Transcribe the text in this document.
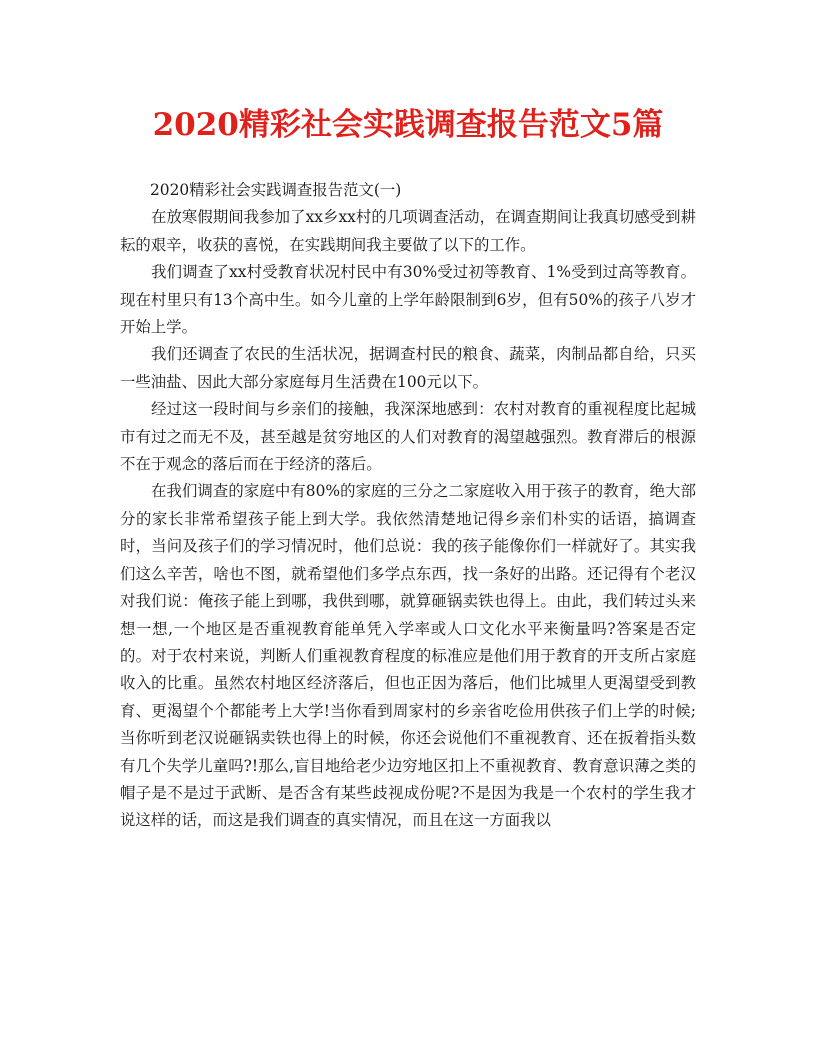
2020精彩社会实践调查报告范文5篇
2020精彩社会实践调查报告范文(一)

在放寒假期间我参加了xx乡xx村的几项调查活动，在调查期间让我真切感受到耕耘的艰辛，收获的喜悦，在实践期间我主要做了以下的工作。

我们调查了xx村受教育状况村民中有30%受过初等教育、1%受到过高等教育。现在村里只有13个高中生。如今儿童的上学年龄限制到6岁，但有50%的孩子八岁才开始上学。

我们还调查了农民的生活状况，据调查村民的粮食、蔬菜，肉制品都自给，只买一些油盐、因此大部分家庭每月生活费在100元以下。

经过这一段时间与乡亲们的接触，我深深地感到：农村对教育的重视程度比起城市有过之而无不及，甚至越是贫穷地区的人们对教育的渴望越强烈。教育滞后的根源不在于观念的落后而在于经济的落后。

在我们调查的家庭中有80%的家庭的三分之二家庭收入用于孩子的教育，绝大部分的家长非常希望孩子能上到大学。我依然清楚地记得乡亲们朴实的话语，搞调查时，当问及孩子们的学习情况时，他们总说：我的孩子能像你们一样就好了。其实我们这么辛苦，啥也不图，就希望他们多学点东西，找一条好的出路。还记得有个老汉对我们说：俺孩子能上到哪，我供到哪，就算砸锅卖铁也得上。由此，我们转过头来想一想,一个地区是否重视教育能单凭入学率或人口文化水平来衡量吗?答案是否定的。对于农村来说，判断人们重视教育程度的标准应是他们用于教育的开支所占家庭收入的比重。虽然农村地区经济落后，但也正因为落后，他们比城里人更渴望受到教育、更渴望个个都能考上大学!当你看到周家村的乡亲省吃俭用供孩子们上学的时候;当你听到老汉说砸锅卖铁也得上的时候，你还会说他们不重视教育、还在扳着指头数有几个失学儿童吗?!那么,盲目地给老少边穷地区扣上不重视教育、教育意识薄之类的帽子是不是过于武断、是否含有某些歧视成份呢?不是因为我是一个农村的学生我才说这样的话，而这是我们调查的真实情况，而且在这一方面我以
